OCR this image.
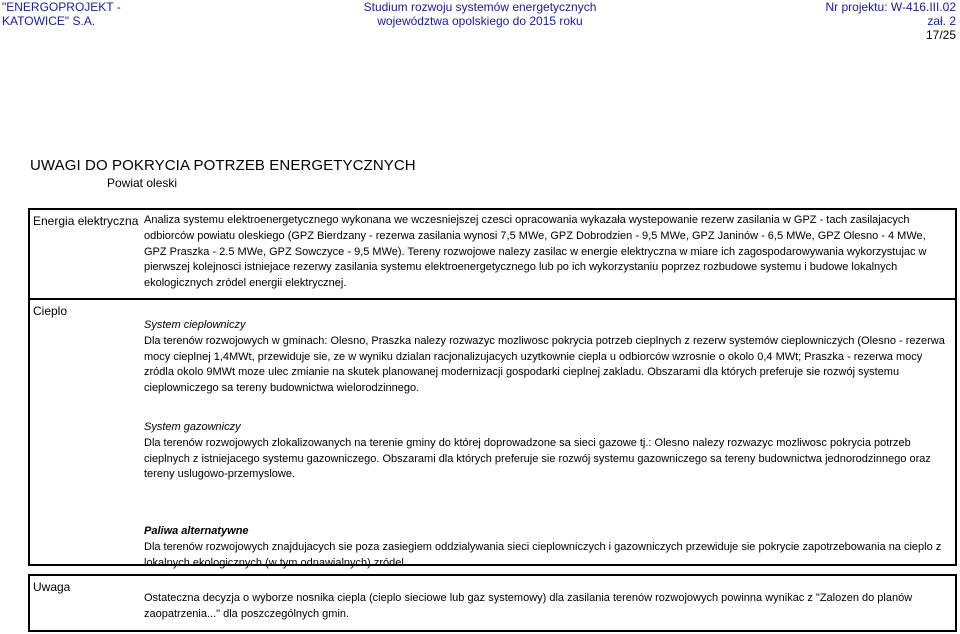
"ENERGOPROJEKT -
KATOWICE" S.A.
Studium rozwoju systemów energetycznych
województwa opolskiego do 2015 roku
Nr projektu: W-416.III.02
zał. 2
17/25
UWAGI DO POKRYCIA POTRZEB ENERGETYCZNYCH
Powiat oleski
Energia elektryczna Analiza systemu elektroenergetycznego wykonana we wczesniejszej czesci opracowania wykazała wystepowanie rezerw zasilania w GPZ - tach zasilajacych odbiorców powiatu oleskiego (GPZ Bierdzany - rezerwa zasilania wynosi 7,5 MWe, GPZ Dobrodzien - 9,5 MWe, GPZ Janinów - 6,5 MWe, GPZ Olesno - 4 MWe, GPZ Praszka - 2.5 MWe, GPZ Sowczyce - 9,5 MWe). Tereny rozwojowe nalezy zasilac w energie elektryczna w miare ich zagospodarowywania wykorzystujac w pierwszej kolejnosci istniejace rezerwy zasilania systemu elektroenergetycznego lub po ich wykorzystaniu poprzez rozbudowe systemu i budowe lokalnych ekologicznych zródel energii elektrycznej.
Cieplo
System cieplowniczy
Dla terenów rozwojowych w gminach: Olesno, Praszka nalezy rozwazyc mozliwosc pokrycia potrzeb cieplnych z rezerw systemów cieplowniczych (Olesno - rezerwa mocy cieplnej 1,4MWt, przewiduje sie, ze w wyniku dzialan racjonalizujacych uzytkownie ciepla u odbiorców wzrosnie o okolo 0,4 MWt; Praszka - rezerwa mocy zródla okolo 9MWt moze ulec zmianie na skutek planowanej modernizacji gospodarki cieplnej zakladu. Obszarami dla których preferuje sie rozwój systemu cieplowniczego sa tereny budownictwa wielorodzinnego.
System gazowniczy
Dla terenów rozwojowych zlokalizowanych na terenie gminy do której doprowadzone sa sieci gazowe tj.: Olesno nalezy rozwazyc mozliwosc pokrycia potrzeb cieplnych z istniejacego systemu gazowniczego. Obszarami dla których preferuje sie rozwój systemu gazowniczego sa tereny budownictwa jednorodzinnego oraz tereny uslugowo-przemyslowe.
Paliwa alternatywne
Dla terenów rozwojowych znajdujacych sie poza zasiegiem oddzialywania sieci cieplowniczych i gazowniczych przewiduje sie pokrycie zapotrzebowania na cieplo z lokalnych ekologicznych (w tym odnawialnych) zródel.
Uwaga
Ostateczna decyzja o wyborze nosnika ciepla (cieplo sieciowe lub gaz systemowy) dla zasilania terenów rozwojowych powinna wynikac z "Zalozen do planów zaopatrzenia..." dla poszczególnych gmin.
